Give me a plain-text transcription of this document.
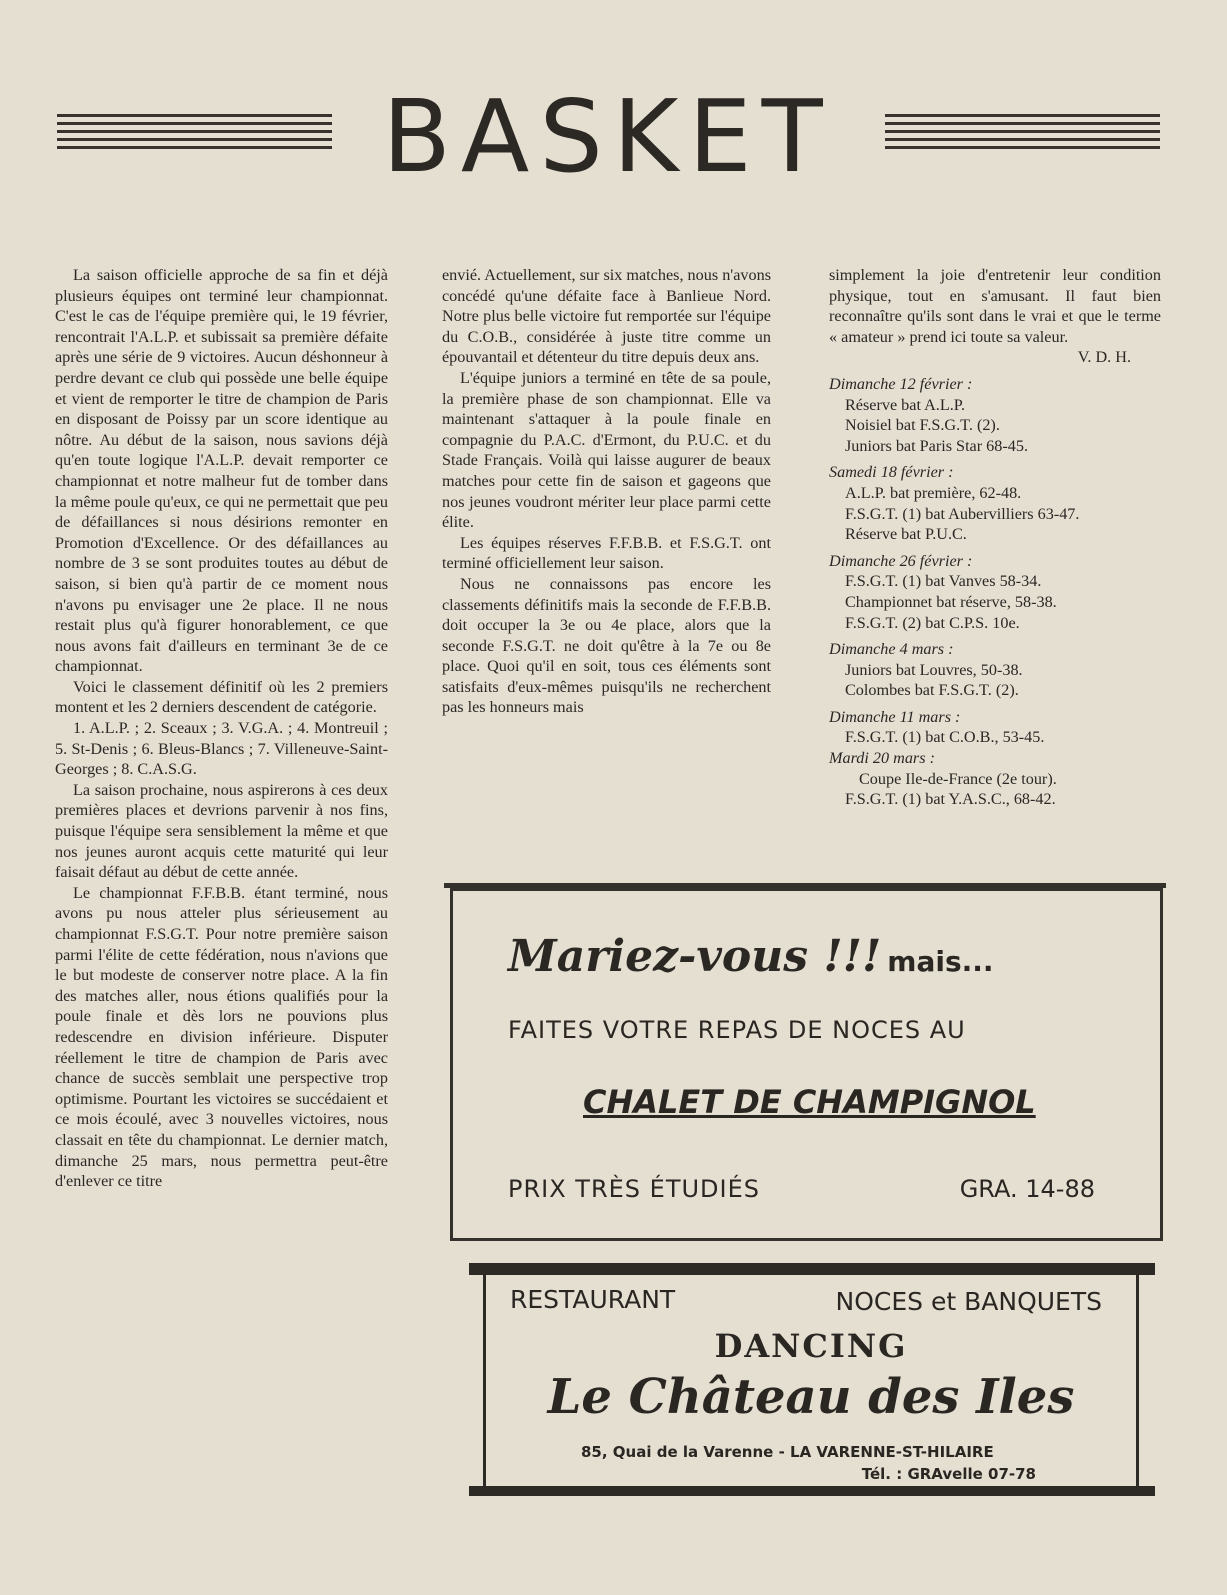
BASKET

La saison officielle approche de sa fin et déjà plusieurs équipes ont terminé leur championnat. C'est le cas de l'équipe première qui, le 19 février, rencontrait l'A.L.P. et subissait sa première défaite après une série de 9 victoires. Aucun déshonneur à perdre devant ce club qui possède une belle équipe et vient de remporter le titre de champion de Paris en disposant de Poissy par un score identique au nôtre. Au début de la saison, nous savions déjà qu'en toute logique l'A.L.P. devait remporter ce championnat et notre malheur fut de tomber dans la même poule qu'eux, ce qui ne permettait que peu de défaillances si nous désirions remonter en Promotion d'Excellence. Or des défaillances au nombre de 3 se sont produites toutes au début de saison, si bien qu'à partir de ce moment nous n'avons pu envisager une 2e place. Il ne nous restait plus qu'à figurer honorablement, ce que nous avons fait d'ailleurs en terminant 3e de ce championnat.

Voici le classement définitif où les 2 premiers montent et les 2 derniers descendent de catégorie.

1. A.L.P. ; 2. Sceaux ; 3. V.G.A. ; 4. Montreuil ; 5. St-Denis ; 6. Bleus-Blancs ; 7. Villeneuve-Saint-Georges ; 8. C.A.S.G.

La saison prochaine, nous aspirerons à ces deux premières places et devrions parvenir à nos fins, puisque l'équipe sera sensiblement la même et que nos jeunes auront acquis cette maturité qui leur faisait défaut au début de cette année.

Le championnat F.F.B.B. étant terminé, nous avons pu nous atteler plus sérieusement au championnat F.S.G.T. Pour notre première saison parmi l'élite de cette fédération, nous n'avions que le but modeste de conserver notre place. A la fin des matches aller, nous étions qualifiés pour la poule finale et dès lors ne pouvions plus redescendre en division inférieure. Disputer réellement le titre de champion de Paris avec chance de succès semblait une perspective trop optimisme. Pourtant les victoires se succédaient et ce mois écoulé, avec 3 nouvelles victoires, nous classait en tête du championnat. Le dernier match, dimanche 25 mars, nous permettra peut-être d'enlever ce titre

envié. Actuellement, sur six matches, nous n'avons concédé qu'une défaite face à Banlieue Nord. Notre plus belle victoire fut remportée sur l'équipe du C.O.B., considérée à juste titre comme un épouvantail et détenteur du titre depuis deux ans.

L'équipe juniors a terminé en tête de sa poule, la première phase de son championnat. Elle va maintenant s'attaquer à la poule finale en compagnie du P.A.C. d'Ermont, du P.U.C. et du Stade Français. Voilà qui laisse augurer de beaux matches pour cette fin de saison et gageons que nos jeunes voudront mériter leur place parmi cette élite.

Les équipes réserves F.F.B.B. et F.S.G.T. ont terminé officiellement leur saison.

Nous ne connaissons pas encore les classements définitifs mais la seconde de F.F.B.B. doit occuper la 3e ou 4e place, alors que la seconde F.S.G.T. ne doit qu'être à la 7e ou 8e place. Quoi qu'il en soit, tous ces éléments sont satisfaits d'eux-mêmes puisqu'ils ne recherchent pas les honneurs mais

simplement la joie d'entretenir leur condition physique, tout en s'amusant. Il faut bien reconnaître qu'ils sont dans le vrai et que le terme « amateur » prend ici toute sa valeur.

V. D. H.
Dimanche 12 février :
Réserve bat A.L.P.
Noisiel bat F.S.G.T. (2).
Juniors bat Paris Star 68-45.
Samedi 18 février :
A.L.P. bat première, 62-48.
F.S.G.T. (1) bat Aubervilliers 63-47.
Réserve bat P.U.C.
Dimanche 26 février :
F.S.G.T. (1) bat Vanves 58-34.
Championnet bat réserve, 58-38.
F.S.G.T. (2) bat C.P.S. 10e.
Dimanche 4 mars :
Juniors bat Louvres, 50-38.
Colombes bat F.S.G.T. (2).
Dimanche 11 mars :
F.S.G.T. (1) bat C.O.B., 53-45.
Mardi 20 mars :
Coupe Ile-de-France (2e tour).
F.S.G.T. (1) bat Y.A.S.C., 68-42.
Mariez-vous !!! mais...
FAITES VOTRE REPAS DE NOCES AU
CHALET DE CHAMPIGNOL
PRIX TRÈS ÉTUDIÉS	GRA. 14-88
RESTAURANT	NOCES et BANQUETS
DANCING
Le Château des Iles
85, Quai de la Varenne - LA VARENNE-ST-HILAIRE
Tél. : GRAvelle 07-78
